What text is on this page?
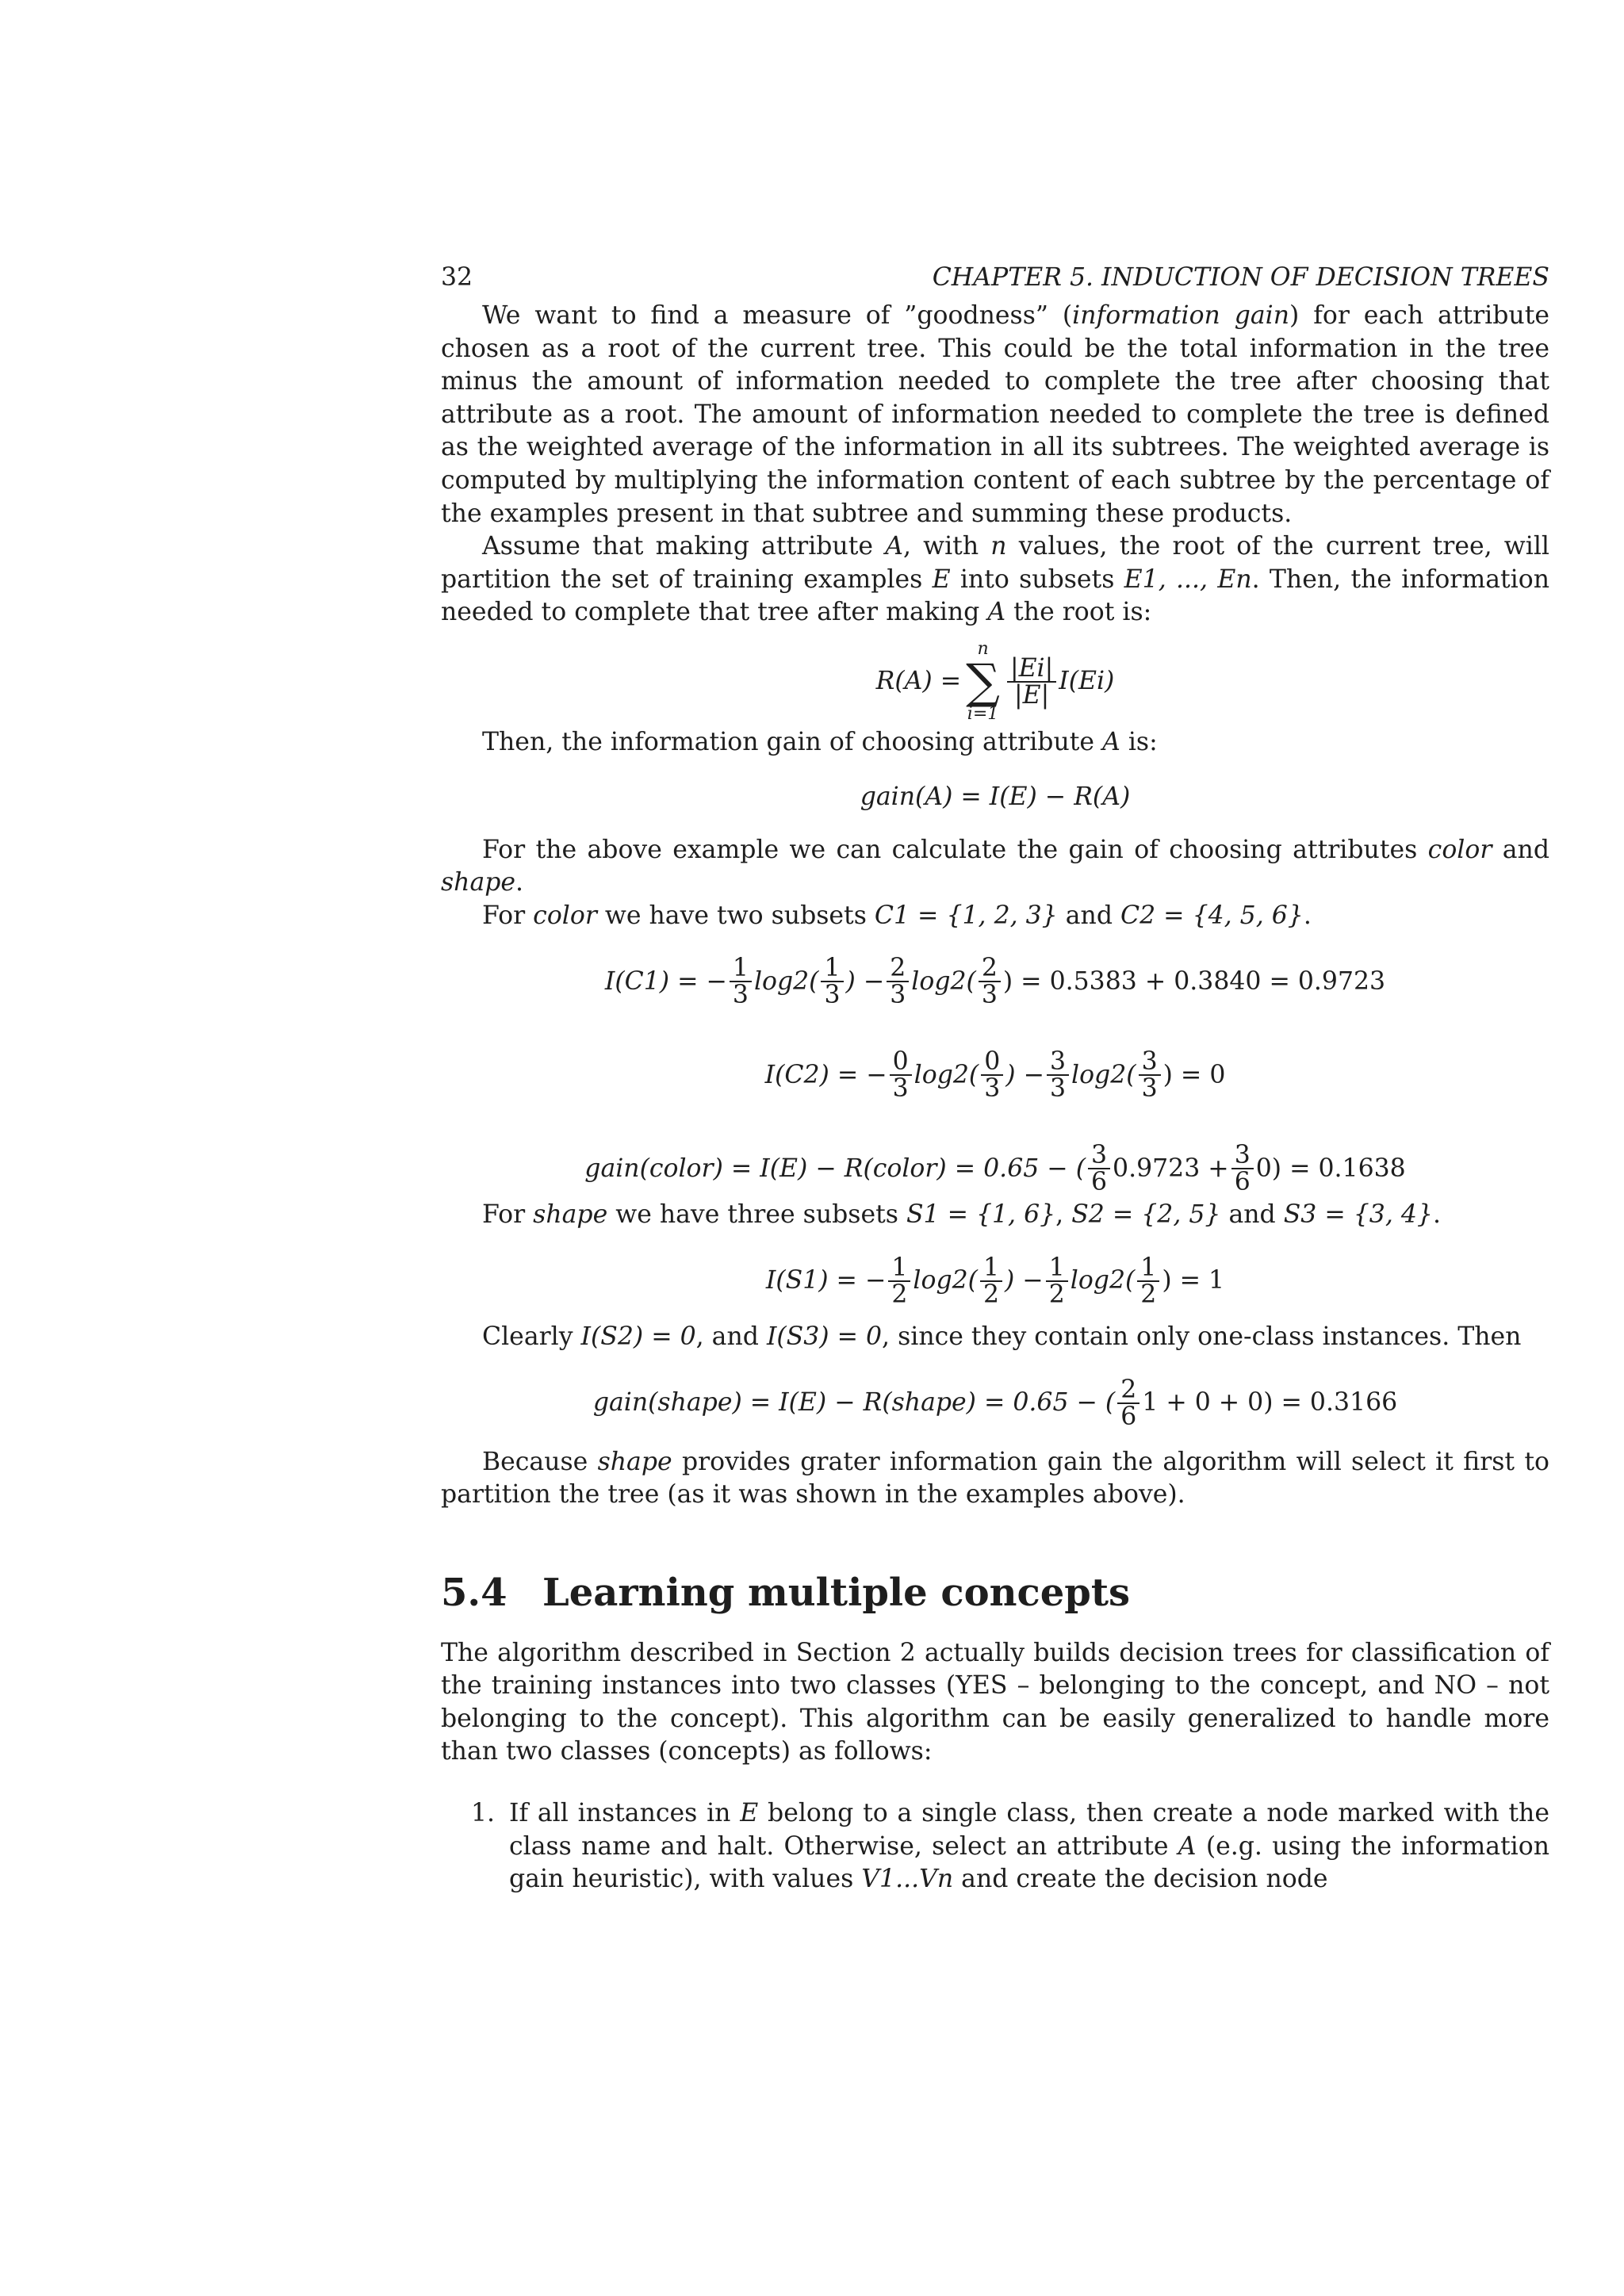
32	CHAPTER 5. INDUCTION OF DECISION TREES

We want to find a measure of ”goodness” (information gain) for each attribute chosen as a root of the current tree. This could be the total information in the tree minus the amount of information needed to complete the tree after choosing that attribute as a root. The amount of information needed to complete the tree is defined as the weighted average of the information in all its subtrees. The weighted average is computed by multiplying the information content of each subtree by the percentage of the examples present in that subtree and summing these products.

Assume that making attribute A, with n values, the root of the current tree, will partition the set of training examples E into subsets E1, ..., En. Then, the information needed to complete that tree after making A the root is:

R(A) =
n
∑
i=1
$\frac{|Ei|}{|E|} I(Ei)$

Then, the information gain of choosing attribute A is:

gain(A) = I(E) − R(A)

For the above example we can calculate the gain of choosing attributes color and shape.

For color we have two subsets C1 = {1, 2, 3} and C2 = {4, 5, 6}.

I(C1) = − $\frac{1}{3} \log 2( \frac{1}{3}$ ) − $\frac{2}{3} \log 2( \frac{2}{3}$ ) = 0.5383 + 0.3840 = 0.9723
I(C2) = − $\frac{0}{3} \log 2( \frac{0}{3}$ ) − $\frac{3}{3} \log 2( \frac{3}{3}$ ) = 0
gain(color) = I(E) − R(color) = 0.65 − ( $\frac{3}{6} 0.9723 + \frac{3}{6} 0) = 0.1638$

For shape we have three subsets S1 = {1, 6}, S2 = {2, 5} and S3 = {3, 4}.

I(S1) = − $\frac{1}{2} \log 2( \frac{1}{2}$ ) − $\frac{1}{2} \log 2( \frac{1}{2}$ ) = 1

Clearly I(S2) = 0, and I(S3) = 0, since they contain only one-class instances. Then

gain(shape) = I(E) − R(shape) = 0.65 − ( $\frac{2}{6} 1 + 0 + 0) = 0.3166$

Because shape provides grater information gain the algorithm will select it first to partition the tree (as it was shown in the examples above).

5.4 Learning multiple concepts

The algorithm described in Section 2 actually builds decision trees for classification of the training instances into two classes (YES – belonging to the concept, and NO – not belonging to the concept). This algorithm can be easily generalized to handle more than two classes (concepts) as follows:

1. If all instances in E belong to a single class, then create a node marked with the class name and halt. Otherwise, select an attribute A (e.g. using the information gain heuristic), with values V1...Vn and create the decision node
